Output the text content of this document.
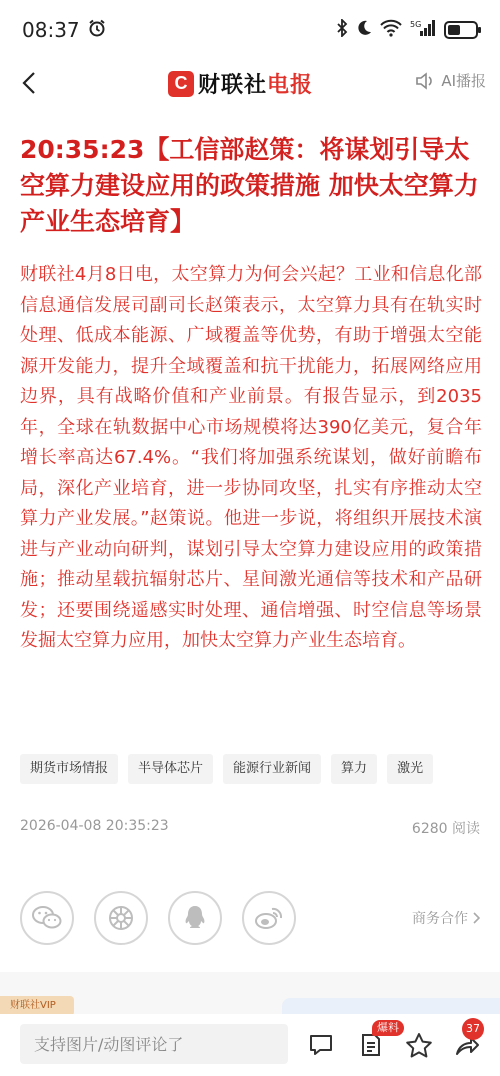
08:37	5G
C 财联社电报	AI播报
20:35:23【工信部赵策：将谋划引导太空算力建设应用的政策措施 加快太空算力产业生态培育】
财联社4月8日电，太空算力为何会兴起？工业和信息化部信息通信发展司副司长赵策表示，太空算力具有在轨实时处理、低成本能源、广域覆盖等优势，有助于增强太空能源开发能力，提升全域覆盖和抗干扰能力，拓展网络应用边界，具有战略价值和产业前景。有报告显示，到2035年，全球在轨数据中心市场规模将达390亿美元，复合年增长率高达67.4%。“我们将加强系统谋划，做好前瞻布局，深化产业培育，进一步协同攻坚，扎实有序推动太空算力产业发展。”赵策说。他进一步说，将组织开展技术演进与产业动向研判，谋划引导太空算力建设应用的政策措施；推动星载抗辐射芯片、星间激光通信等技术和产品研发；还要围绕遥感实时处理、通信增强、时空信息等场景发掘太空算力应用，加快太空算力产业生态培育。
期货市场情报	半导体芯片	能源行业新闻	算力	激光
2026-04-08 20:35:23	6280 阅读
商务合作
财联社VIP
支持图片/动图评论了
爆料	37
